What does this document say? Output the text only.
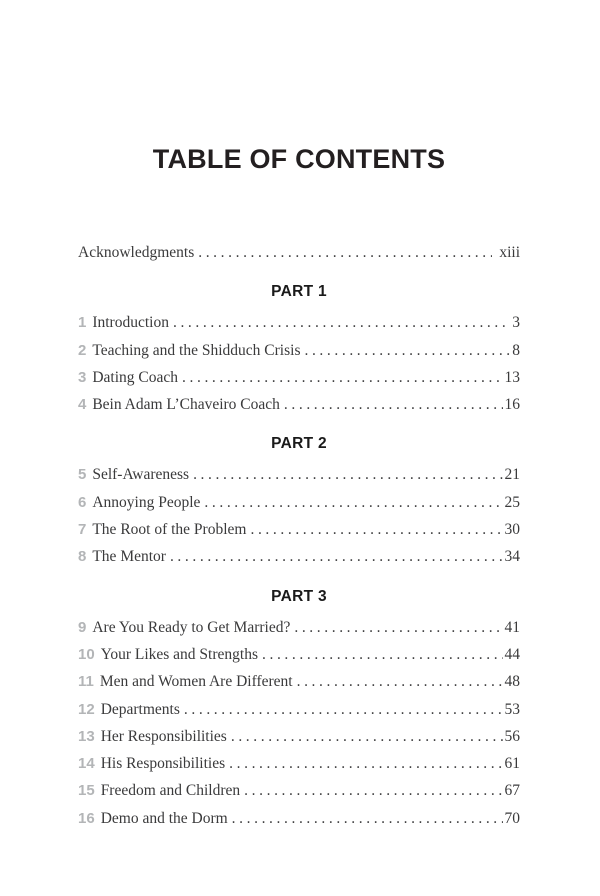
TABLE OF CONTENTS
Acknowledgments .....	xiii
PART 1
1 Introduction .....	3
2 Teaching and the Shidduch Crisis .....	8
3 Dating Coach .....	13
4 Bein Adam L’Chaveiro Coach .....	16
PART 2
5 Self-Awareness .....	21
6 Annoying People .....	25
7 The Root of the Problem .....	30
8 The Mentor .....	34
PART 3
9 Are You Ready to Get Married? .....	41
10 Your Likes and Strengths .....	44
11 Men and Women Are Different .....	48
12 Departments .....	53
13 Her Responsibilities .....	56
14 His Responsibilities .....	61
15 Freedom and Children .....	67
16 Demo and the Dorm .....	70
